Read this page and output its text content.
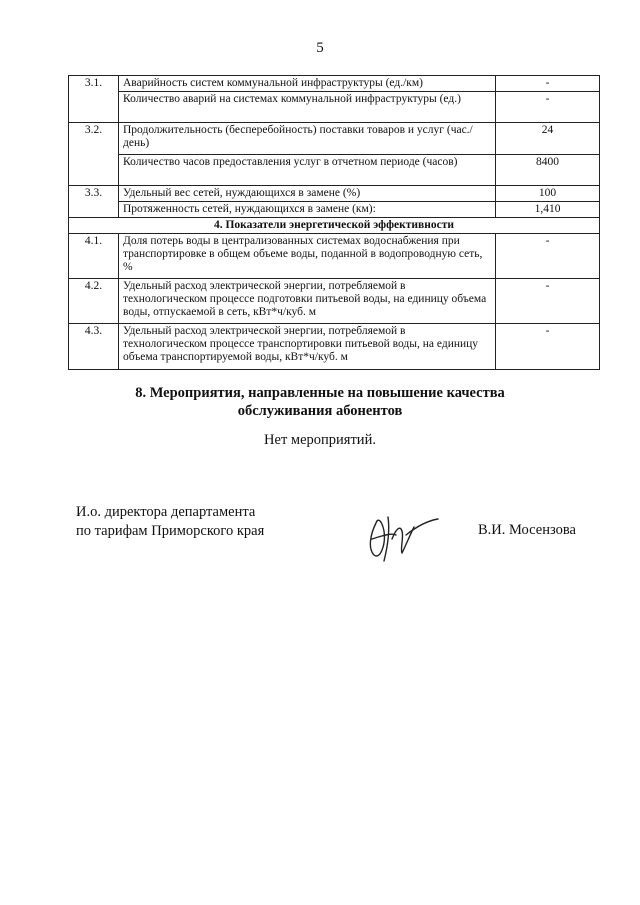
5
3.1.	Аварийность систем коммунальной инфраструктуры (ед./км)	-
	Количество аварий на системах коммунальной инфраструктуры (ед.)	-
3.2.	Продолжительность (бесперебойность) поставки товаров и услуг (час./день)	24
	Количество часов предоставления услуг в отчетном периоде (часов)	8400
3.3.	Удельный вес сетей, нуждающихся в замене (%)	100
	Протяженность сетей, нуждающихся в замене (км):	1,410
4. Показатели энергетической эффективности		
4.1.	Доля потерь воды в централизованных системах водоснабжения при транспортировке в общем объеме воды, поданной в водопроводную сеть, %	-
4.2.	Удельный расход электрической энергии, потребляемой в технологическом процессе подготовки питьевой воды, на единицу объема воды, отпускаемой в сеть, кВт*ч/куб. м	-
4.3.	Удельный расход электрической энергии, потребляемой в технологическом процессе транспортировки питьевой воды, на единицу объема транспортируемой воды, кВт*ч/куб. м	-
8. Мероприятия, направленные на повышение качества
обслуживания абонентов
Нет мероприятий.
И.о. директора департамента
по тарифам Приморского края	В.И. Мосензова
